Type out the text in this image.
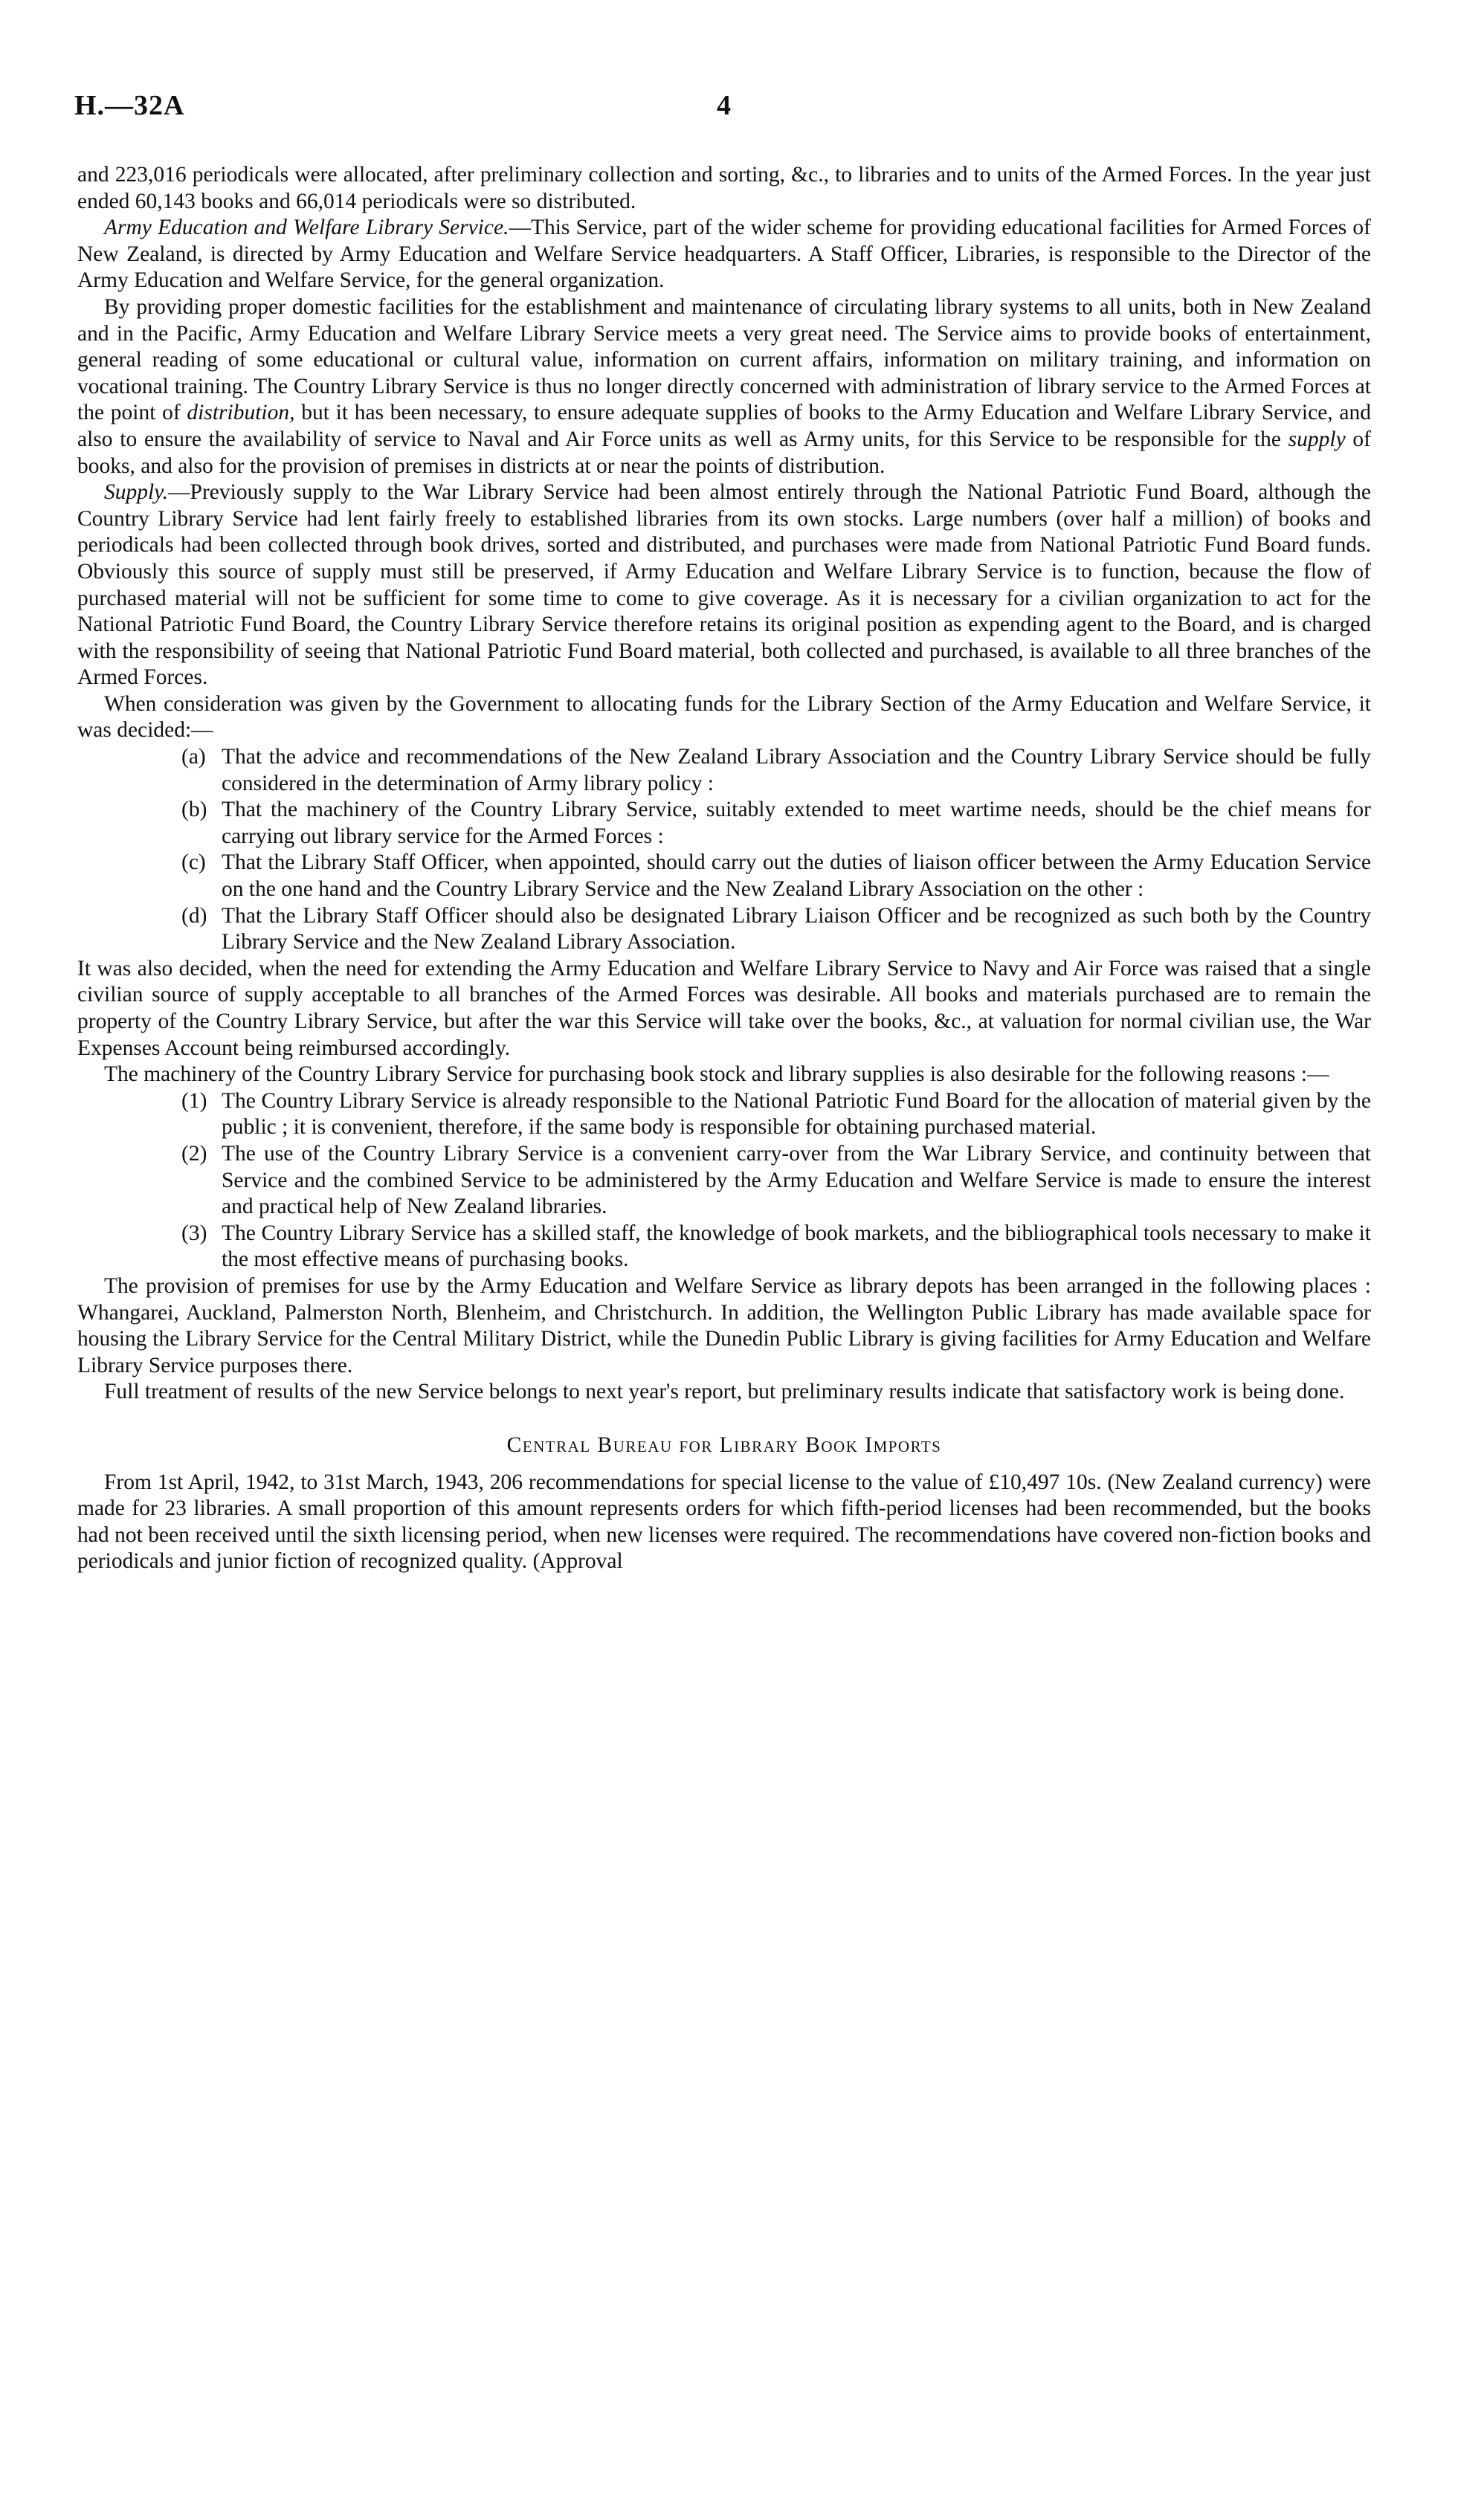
H.—32A	4

and 223,016 periodicals were allocated, after preliminary collection and sorting, &c., to libraries and to units of the Armed Forces. In the year just ended 60,143 books and 66,014 periodicals were so distributed.

Army Education and Welfare Library Service.—This Service, part of the wider scheme for providing educational facilities for Armed Forces of New Zealand, is directed by Army Education and Welfare Service headquarters. A Staff Officer, Libraries, is responsible to the Director of the Army Education and Welfare Service, for the general organization.

By providing proper domestic facilities for the establishment and maintenance of circulating library systems to all units, both in New Zealand and in the Pacific, Army Education and Welfare Library Service meets a very great need. The Service aims to provide books of entertainment, general reading of some educational or cultural value, information on current affairs, information on military training, and information on vocational training. The Country Library Service is thus no longer directly concerned with administration of library service to the Armed Forces at the point of distribution, but it has been necessary, to ensure adequate supplies of books to the Army Education and Welfare Library Service, and also to ensure the availability of service to Naval and Air Force units as well as Army units, for this Service to be responsible for the supply of books, and also for the provision of premises in districts at or near the points of distribution.

Supply.—Previously supply to the War Library Service had been almost entirely through the National Patriotic Fund Board, although the Country Library Service had lent fairly freely to established libraries from its own stocks. Large numbers (over half a million) of books and periodicals had been collected through book drives, sorted and distributed, and purchases were made from National Patriotic Fund Board funds. Obviously this source of supply must still be preserved, if Army Education and Welfare Library Service is to function, because the flow of purchased material will not be sufficient for some time to come to give coverage. As it is necessary for a civilian organization to act for the National Patriotic Fund Board, the Country Library Service therefore retains its original position as expending agent to the Board, and is charged with the responsibility of seeing that National Patriotic Fund Board material, both collected and purchased, is available to all three branches of the Armed Forces.

When consideration was given by the Government to allocating funds for the Library Section of the Army Education and Welfare Service, it was decided:—

(a) That the advice and recommendations of the New Zealand Library Association and the Country Library Service should be fully considered in the determination of Army library policy :
(b) That the machinery of the Country Library Service, suitably extended to meet wartime needs, should be the chief means for carrying out library service for the Armed Forces :
(c) That the Library Staff Officer, when appointed, should carry out the duties of liaison officer between the Army Education Service on the one hand and the Country Library Service and the New Zealand Library Association on the other :
(d) That the Library Staff Officer should also be designated Library Liaison Officer and be recognized as such both by the Country Library Service and the New Zealand Library Association.

It was also decided, when the need for extending the Army Education and Welfare Library Service to Navy and Air Force was raised that a single civilian source of supply acceptable to all branches of the Armed Forces was desirable. All books and materials purchased are to remain the property of the Country Library Service, but after the war this Service will take over the books, &c., at valuation for normal civilian use, the War Expenses Account being reimbursed accordingly.

The machinery of the Country Library Service for purchasing book stock and library supplies is also desirable for the following reasons :—

(1) The Country Library Service is already responsible to the National Patriotic Fund Board for the allocation of material given by the public ; it is convenient, therefore, if the same body is responsible for obtaining purchased material.
(2) The use of the Country Library Service is a convenient carry-over from the War Library Service, and continuity between that Service and the combined Service to be administered by the Army Education and Welfare Service is made to ensure the interest and practical help of New Zealand libraries.
(3) The Country Library Service has a skilled staff, the knowledge of book markets, and the bibliographical tools necessary to make it the most effective means of purchasing books.

The provision of premises for use by the Army Education and Welfare Service as library depots has been arranged in the following places : Whangarei, Auckland, Palmerston North, Blenheim, and Christchurch. In addition, the Wellington Public Library has made available space for housing the Library Service for the Central Military District, while the Dunedin Public Library is giving facilities for Army Education and Welfare Library Service purposes there.

Full treatment of results of the new Service belongs to next year's report, but preliminary results indicate that satisfactory work is being done.

Central Bureau for Library Book Imports

From 1st April, 1942, to 31st March, 1943, 206 recommendations for special license to the value of £10,497 10s. (New Zealand currency) were made for 23 libraries. A small proportion of this amount represents orders for which fifth-period licenses had been recommended, but the books had not been received until the sixth licensing period, when new licenses were required. The recommendations have covered non-fiction books and periodicals and junior fiction of recognized quality. (Approval
